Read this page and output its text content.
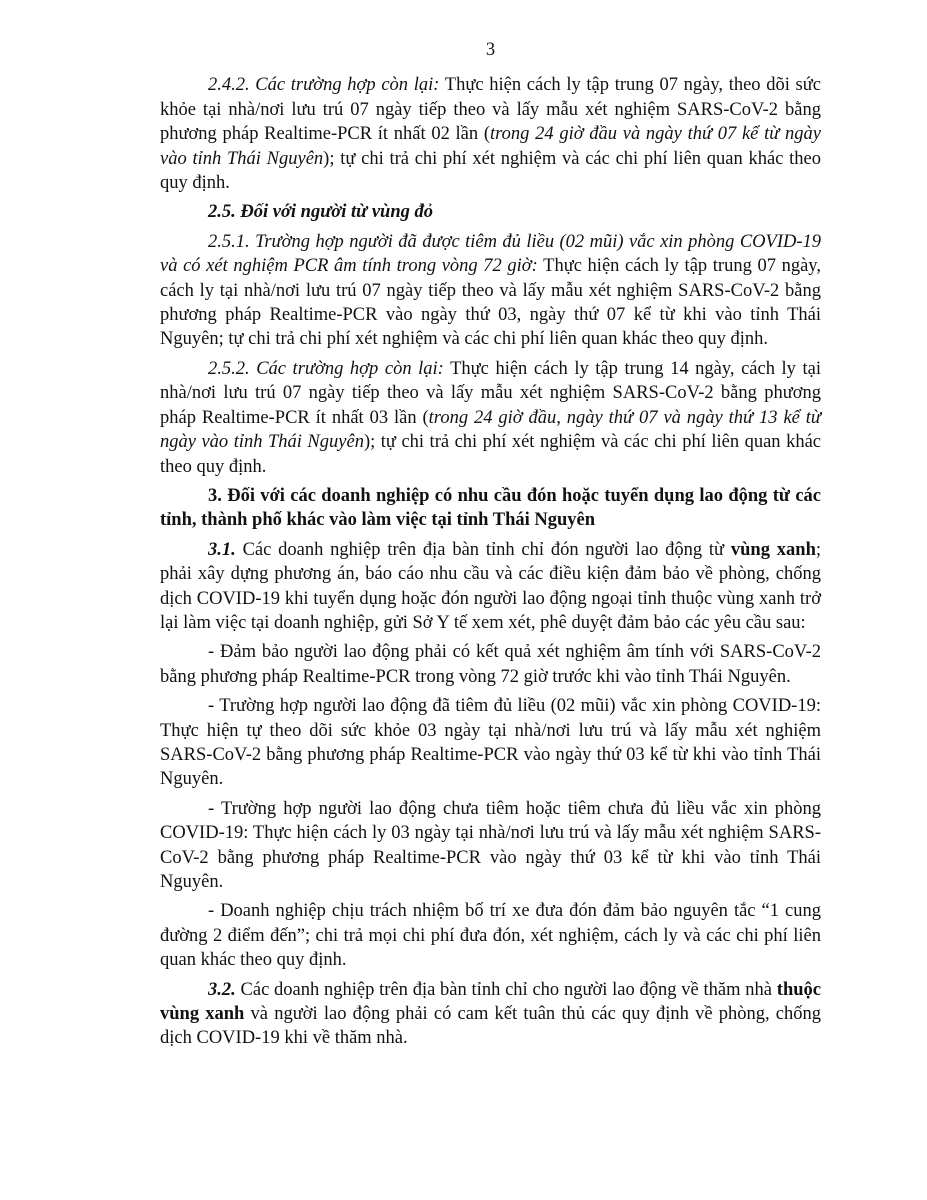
3

2.4.2. Các trường hợp còn lại: Thực hiện cách ly tập trung 07 ngày, theo dõi sức khỏe tại nhà/nơi lưu trú 07 ngày tiếp theo và lấy mẫu xét nghiệm SARS-CoV-2 bằng phương pháp Realtime-PCR ít nhất 02 lần (trong 24 giờ đầu và ngày thứ 07 kể từ ngày vào tỉnh Thái Nguyên); tự chi trả chi phí xét nghiệm và các chi phí liên quan khác theo quy định.

2.5. Đối với người từ vùng đỏ

2.5.1. Trường hợp người đã được tiêm đủ liều (02 mũi) vắc xin phòng COVID-19 và có xét nghiệm PCR âm tính trong vòng 72 giờ: Thực hiện cách ly tập trung 07 ngày, cách ly tại nhà/nơi lưu trú 07 ngày tiếp theo và lấy mẫu xét nghiệm SARS-CoV-2 bằng phương pháp Realtime-PCR vào ngày thứ 03, ngày thứ 07 kể từ khi vào tỉnh Thái Nguyên; tự chi trả chi phí xét nghiệm và các chi phí liên quan khác theo quy định.

2.5.2. Các trường hợp còn lại: Thực hiện cách ly tập trung 14 ngày, cách ly tại nhà/nơi lưu trú 07 ngày tiếp theo và lấy mẫu xét nghiệm SARS-CoV-2 bằng phương pháp Realtime-PCR ít nhất 03 lần (trong 24 giờ đầu, ngày thứ 07 và ngày thứ 13 kể từ ngày vào tỉnh Thái Nguyên); tự chi trả chi phí xét nghiệm và các chi phí liên quan khác theo quy định.

3. Đối với các doanh nghiệp có nhu cầu đón hoặc tuyển dụng lao động từ các tỉnh, thành phố khác vào làm việc tại tỉnh Thái Nguyên

3.1. Các doanh nghiệp trên địa bàn tỉnh chỉ đón người lao động từ vùng xanh; phải xây dựng phương án, báo cáo nhu cầu và các điều kiện đảm bảo về phòng, chống dịch COVID-19 khi tuyển dụng hoặc đón người lao động ngoại tỉnh thuộc vùng xanh trở lại làm việc tại doanh nghiệp, gửi Sở Y tế xem xét, phê duyệt đảm bảo các yêu cầu sau:

- Đảm bảo người lao động phải có kết quả xét nghiệm âm tính với SARS-CoV-2 bằng phương pháp Realtime-PCR trong vòng 72 giờ trước khi vào tỉnh Thái Nguyên.

- Trường hợp người lao động đã tiêm đủ liều (02 mũi) vắc xin phòng COVID-19: Thực hiện tự theo dõi sức khỏe 03 ngày tại nhà/nơi lưu trú và lấy mẫu xét nghiệm SARS-CoV-2 bằng phương pháp Realtime-PCR vào ngày thứ 03 kể từ khi vào tỉnh Thái Nguyên.

- Trường hợp người lao động chưa tiêm hoặc tiêm chưa đủ liều vắc xin phòng COVID-19: Thực hiện cách ly 03 ngày tại nhà/nơi lưu trú và lấy mẫu xét nghiệm SARS-CoV-2 bằng phương pháp Realtime-PCR vào ngày thứ 03 kể từ khi vào tỉnh Thái Nguyên.

- Doanh nghiệp chịu trách nhiệm bố trí xe đưa đón đảm bảo nguyên tắc “1 cung đường 2 điểm đến”; chi trả mọi chi phí đưa đón, xét nghiệm, cách ly và các chi phí liên quan khác theo quy định.

3.2. Các doanh nghiệp trên địa bàn tỉnh chỉ cho người lao động về thăm nhà thuộc vùng xanh và người lao động phải có cam kết tuân thủ các quy định về phòng, chống dịch COVID-19 khi về thăm nhà.
